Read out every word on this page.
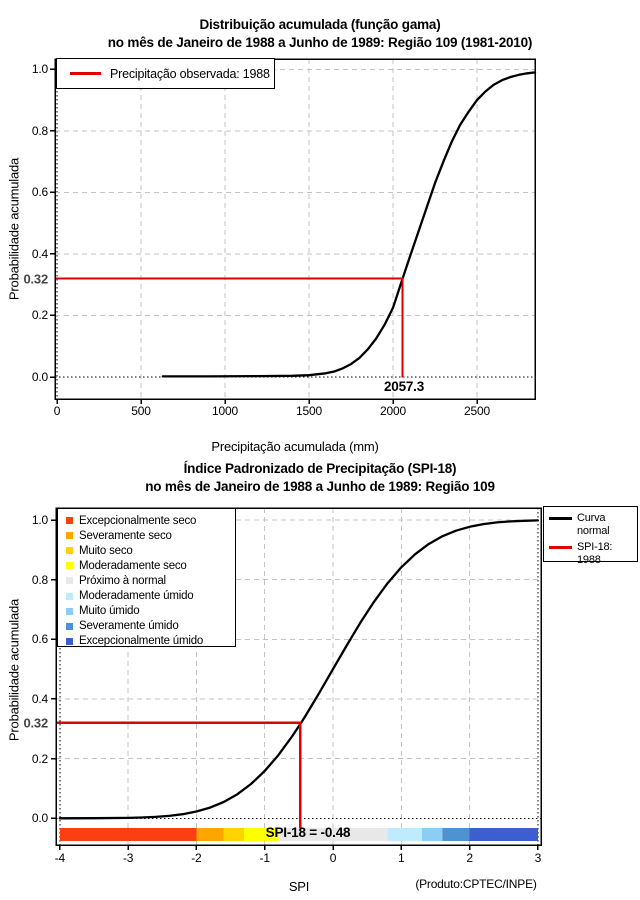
Distribuição acumulada (função gama)
no mês de Janeiro de 1988 a Junho de 1989: Região 109 (1981-2010)
Precipitação acumulada (mm)
Probabilidade acumulada 0.32
2057.3
Precipitação observada: 1988
Índice Padronizado de Precipitação (SPI-18)
no mês de Janeiro de 1988 a Junho de 1989: Região 109
SPI
Probabilidade acumulada 0.32
SPI-18 = -0.48
(Produto:CPTEC/INPE)
Excepcionalmente seco
Severamente seco
Muito seco
Moderadamente seco
Próximo à normal
Moderadamente úmido
Muito úmido
Severamente úmido
Excepcionalmente úmido
Curva normal
SPI-18: 1988
0	500	1000	1500	2000	2500
0.0
0.2
0.4
0.6
0.8
1.0
-4	-3	-2	-1	0	1	2	3
0.0
0.2
0.4
0.6
0.8
1.0
